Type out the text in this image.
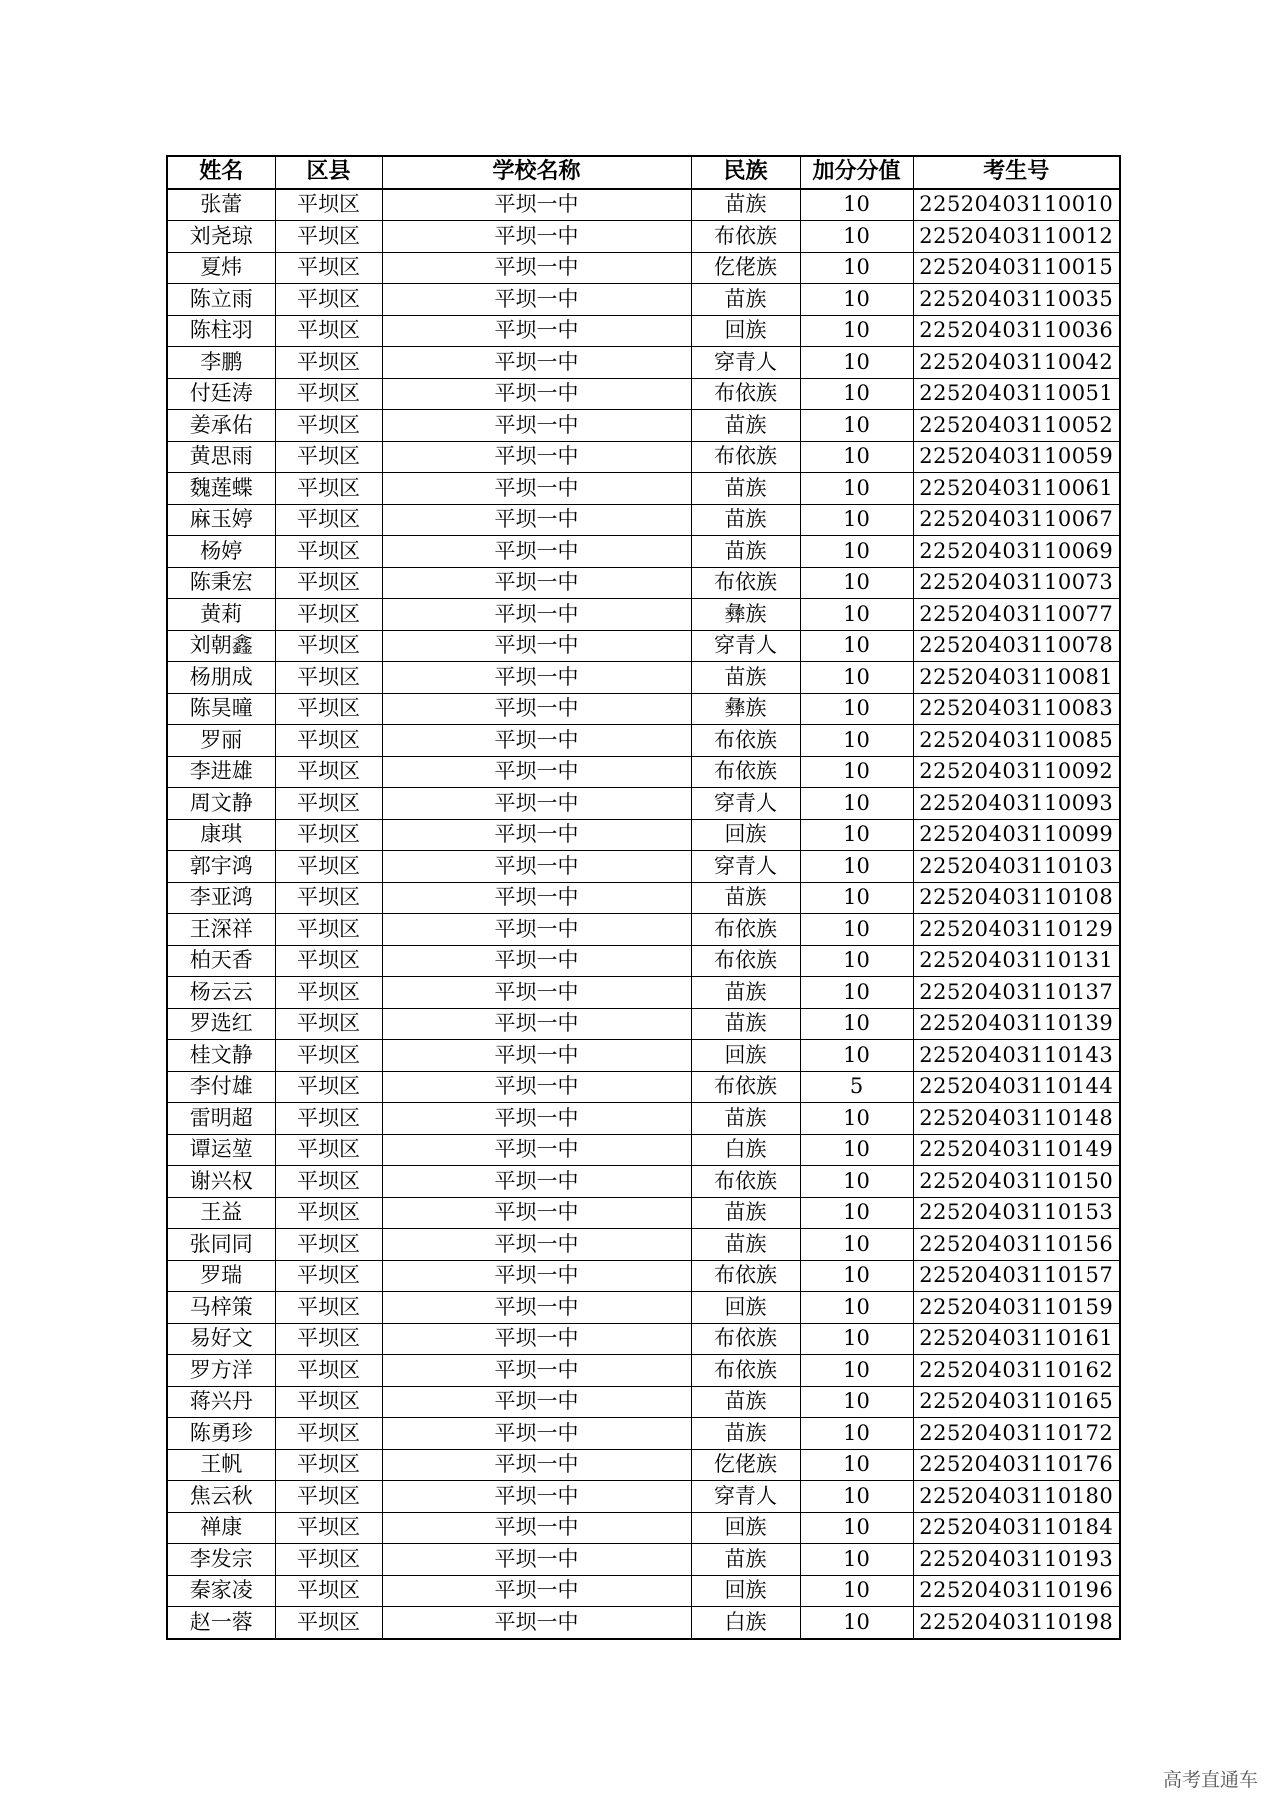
姓名	区县	学校名称	民族	加分分值	考生号
张蕾	平坝区	平坝一中	苗族	10	22520403110010
刘尧琼	平坝区	平坝一中	布依族	10	22520403110012
夏炜	平坝区	平坝一中	仡佬族	10	22520403110015
陈立雨	平坝区	平坝一中	苗族	10	22520403110035
陈柱羽	平坝区	平坝一中	回族	10	22520403110036
李鹏	平坝区	平坝一中	穿青人	10	22520403110042
付廷涛	平坝区	平坝一中	布依族	10	22520403110051
姜承佑	平坝区	平坝一中	苗族	10	22520403110052
黄思雨	平坝区	平坝一中	布依族	10	22520403110059
魏莲蝶	平坝区	平坝一中	苗族	10	22520403110061
麻玉婷	平坝区	平坝一中	苗族	10	22520403110067
杨婷	平坝区	平坝一中	苗族	10	22520403110069
陈秉宏	平坝区	平坝一中	布依族	10	22520403110073
黄莉	平坝区	平坝一中	彝族	10	22520403110077
刘朝鑫	平坝区	平坝一中	穿青人	10	22520403110078
杨朋成	平坝区	平坝一中	苗族	10	22520403110081
陈昊曈	平坝区	平坝一中	彝族	10	22520403110083
罗丽	平坝区	平坝一中	布依族	10	22520403110085
李进雄	平坝区	平坝一中	布依族	10	22520403110092
周文静	平坝区	平坝一中	穿青人	10	22520403110093
康琪	平坝区	平坝一中	回族	10	22520403110099
郭宇鸿	平坝区	平坝一中	穿青人	10	22520403110103
李亚鸿	平坝区	平坝一中	苗族	10	22520403110108
王深祥	平坝区	平坝一中	布依族	10	22520403110129
柏天香	平坝区	平坝一中	布依族	10	22520403110131
杨云云	平坝区	平坝一中	苗族	10	22520403110137
罗选红	平坝区	平坝一中	苗族	10	22520403110139
桂文静	平坝区	平坝一中	回族	10	22520403110143
李付雄	平坝区	平坝一中	布依族	5	22520403110144
雷明超	平坝区	平坝一中	苗族	10	22520403110148
谭运堃	平坝区	平坝一中	白族	10	22520403110149
谢兴权	平坝区	平坝一中	布依族	10	22520403110150
王益	平坝区	平坝一中	苗族	10	22520403110153
张同同	平坝区	平坝一中	苗族	10	22520403110156
罗瑞	平坝区	平坝一中	布依族	10	22520403110157
马梓策	平坝区	平坝一中	回族	10	22520403110159
易好文	平坝区	平坝一中	布依族	10	22520403110161
罗方洋	平坝区	平坝一中	布依族	10	22520403110162
蒋兴丹	平坝区	平坝一中	苗族	10	22520403110165
陈勇珍	平坝区	平坝一中	苗族	10	22520403110172
王帆	平坝区	平坝一中	仡佬族	10	22520403110176
焦云秋	平坝区	平坝一中	穿青人	10	22520403110180
禅康	平坝区	平坝一中	回族	10	22520403110184
李发宗	平坝区	平坝一中	苗族	10	22520403110193
秦家凌	平坝区	平坝一中	回族	10	22520403110196
赵一蓉	平坝区	平坝一中	白族	10	22520403110198
高考直通车
